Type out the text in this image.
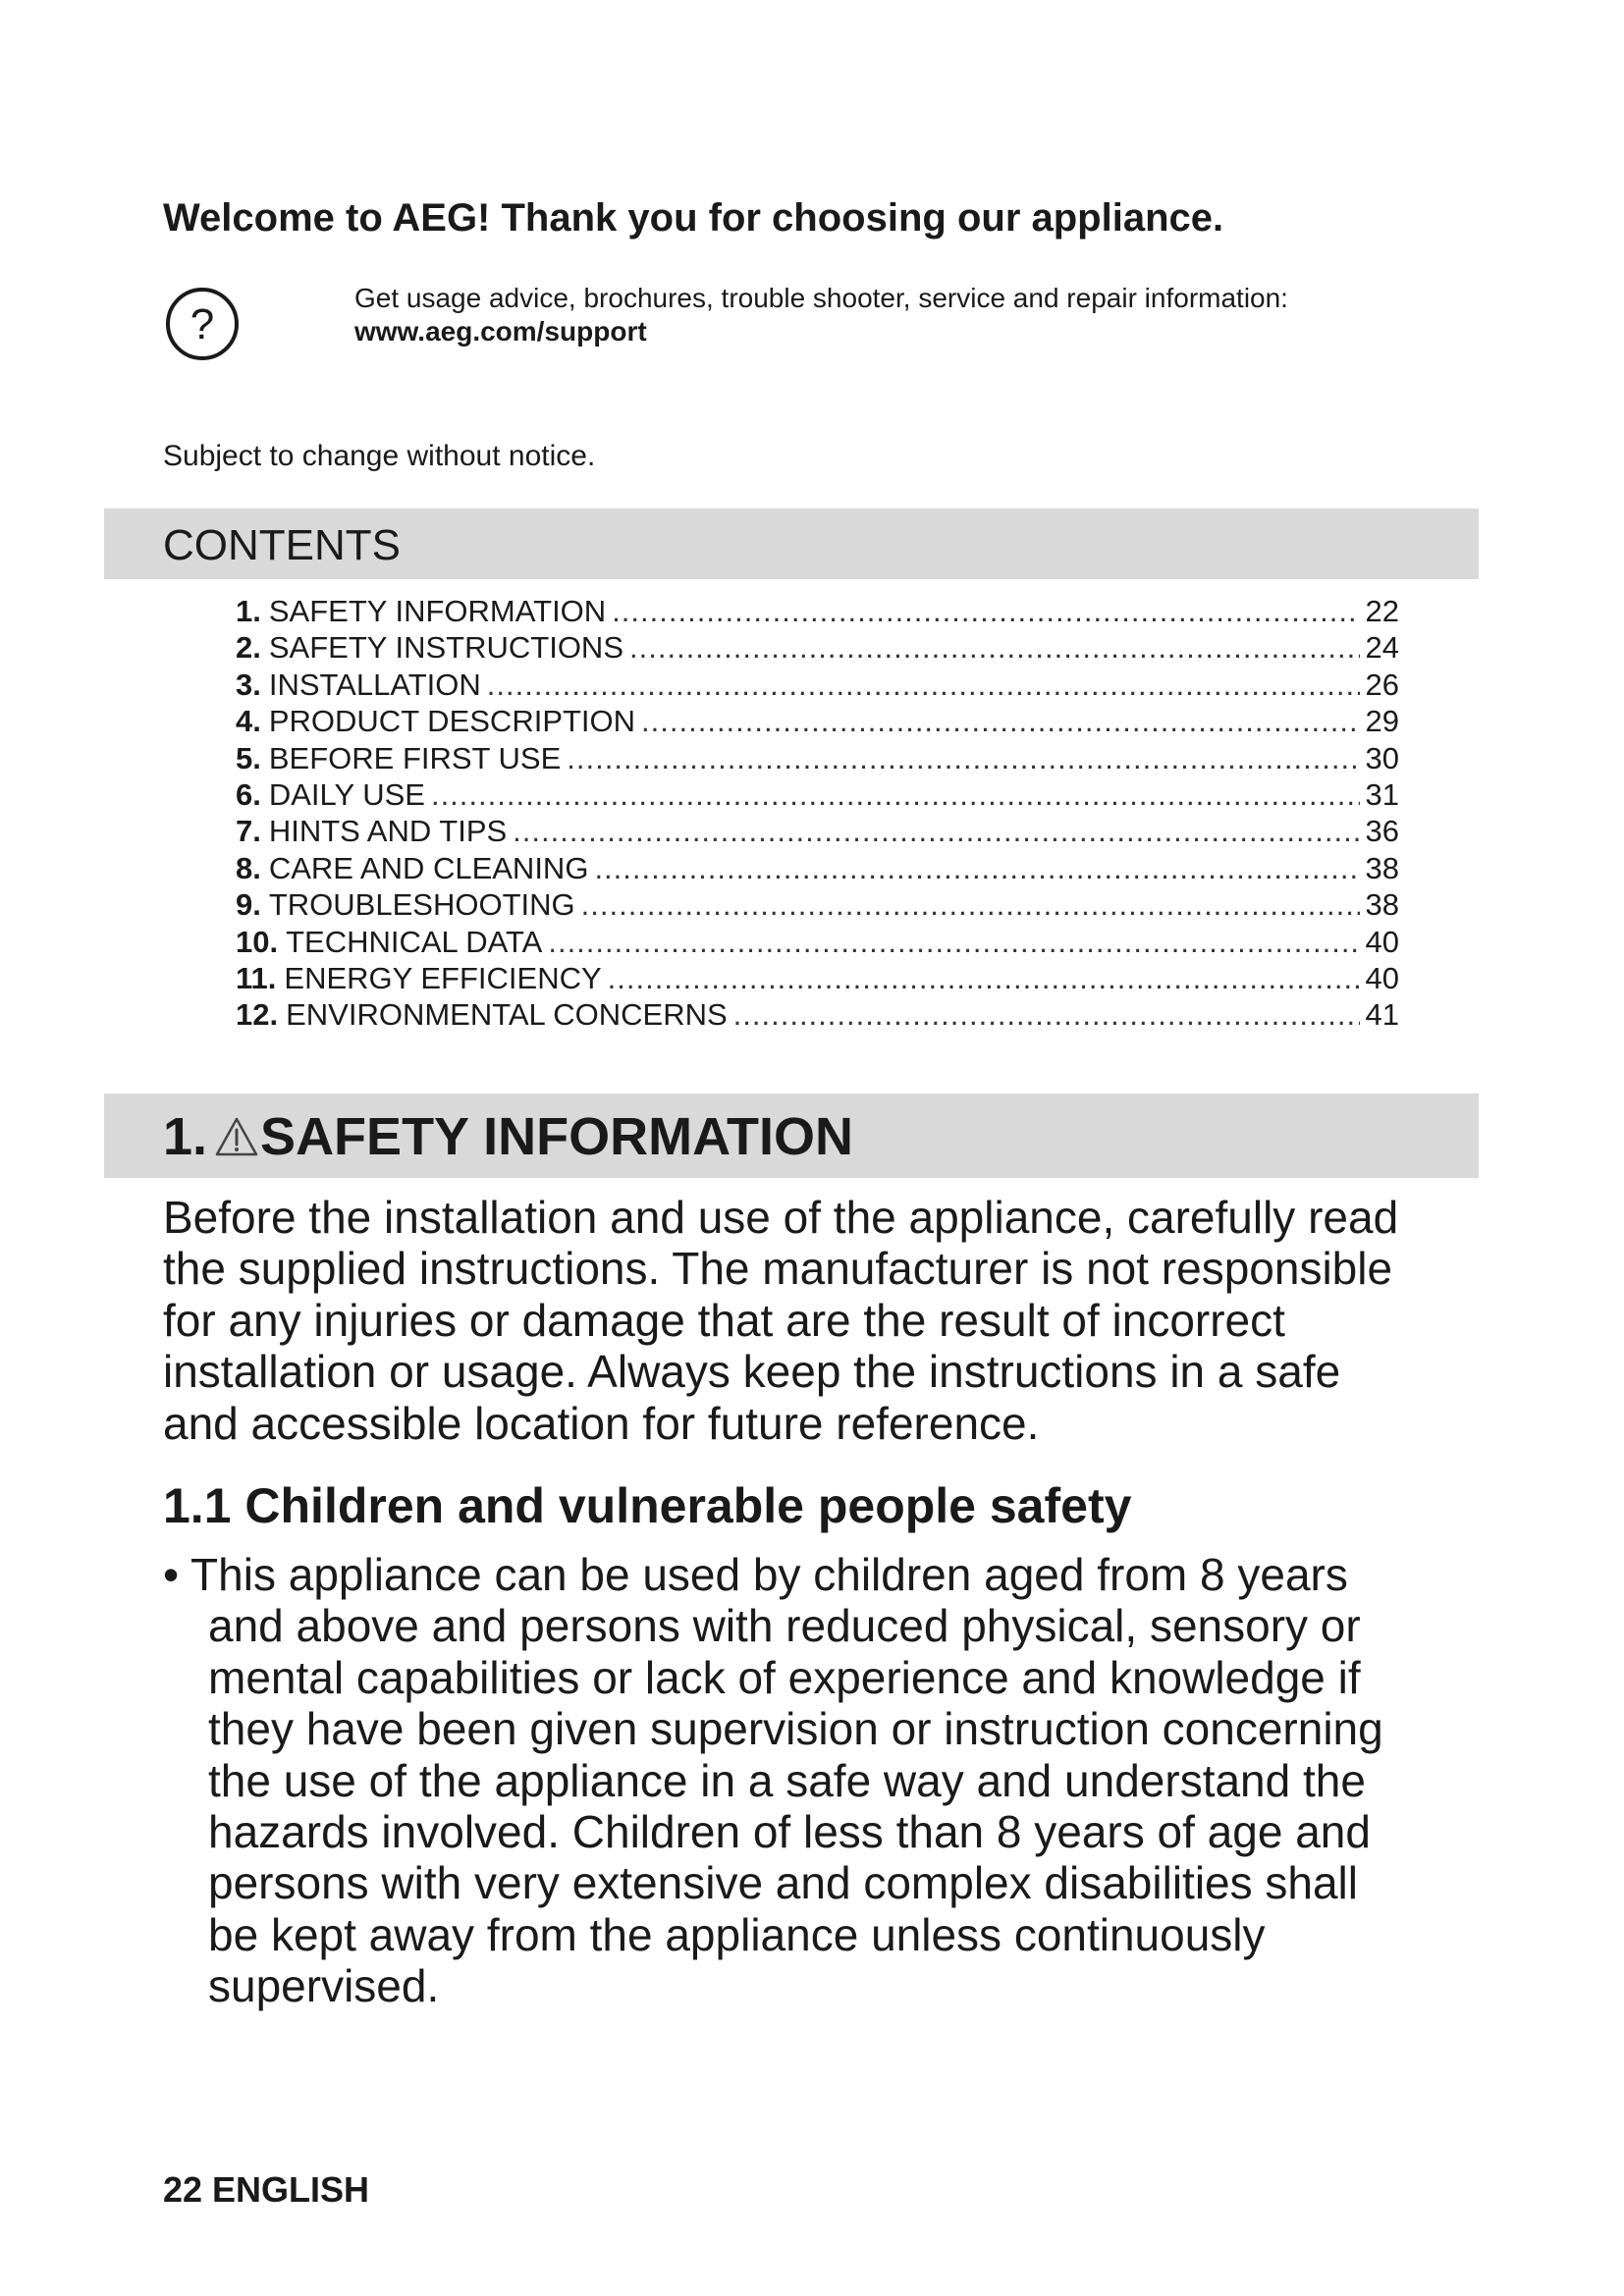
Welcome to AEG! Thank you for choosing our appliance.
?
Get usage advice, brochures, trouble shooter, service and repair information:
www.aeg.com/support
Subject to change without notice.
CONTENTS
1. SAFETY INFORMATION .....	22
2. SAFETY INSTRUCTIONS .....	24
3. INSTALLATION .....	26
4. PRODUCT DESCRIPTION .....	29
5. BEFORE FIRST USE .....	30
6. DAILY USE .....	31
7. HINTS AND TIPS .....	36
8. CARE AND CLEANING .....	38
9. TROUBLESHOOTING .....	38
10. TECHNICAL DATA .....	40
11. ENERGY EFFICIENCY .....	40
12. ENVIRONMENTAL CONCERNS .....	41
1. SAFETY INFORMATION
Before the installation and use of the appliance, carefully read
the supplied instructions. The manufacturer is not responsible
for any injuries or damage that are the result of incorrect
installation or usage. Always keep the instructions in a safe
and accessible location for future reference.
1.1 Children and vulnerable people safety
• This appliance can be used by children aged from 8 years
and above and persons with reduced physical, sensory or
mental capabilities or lack of experience and knowledge if
they have been given supervision or instruction concerning
the use of the appliance in a safe way and understand the
hazards involved. Children of less than 8 years of age and
persons with very extensive and complex disabilities shall
be kept away from the appliance unless continuously
supervised.
22 ENGLISH
